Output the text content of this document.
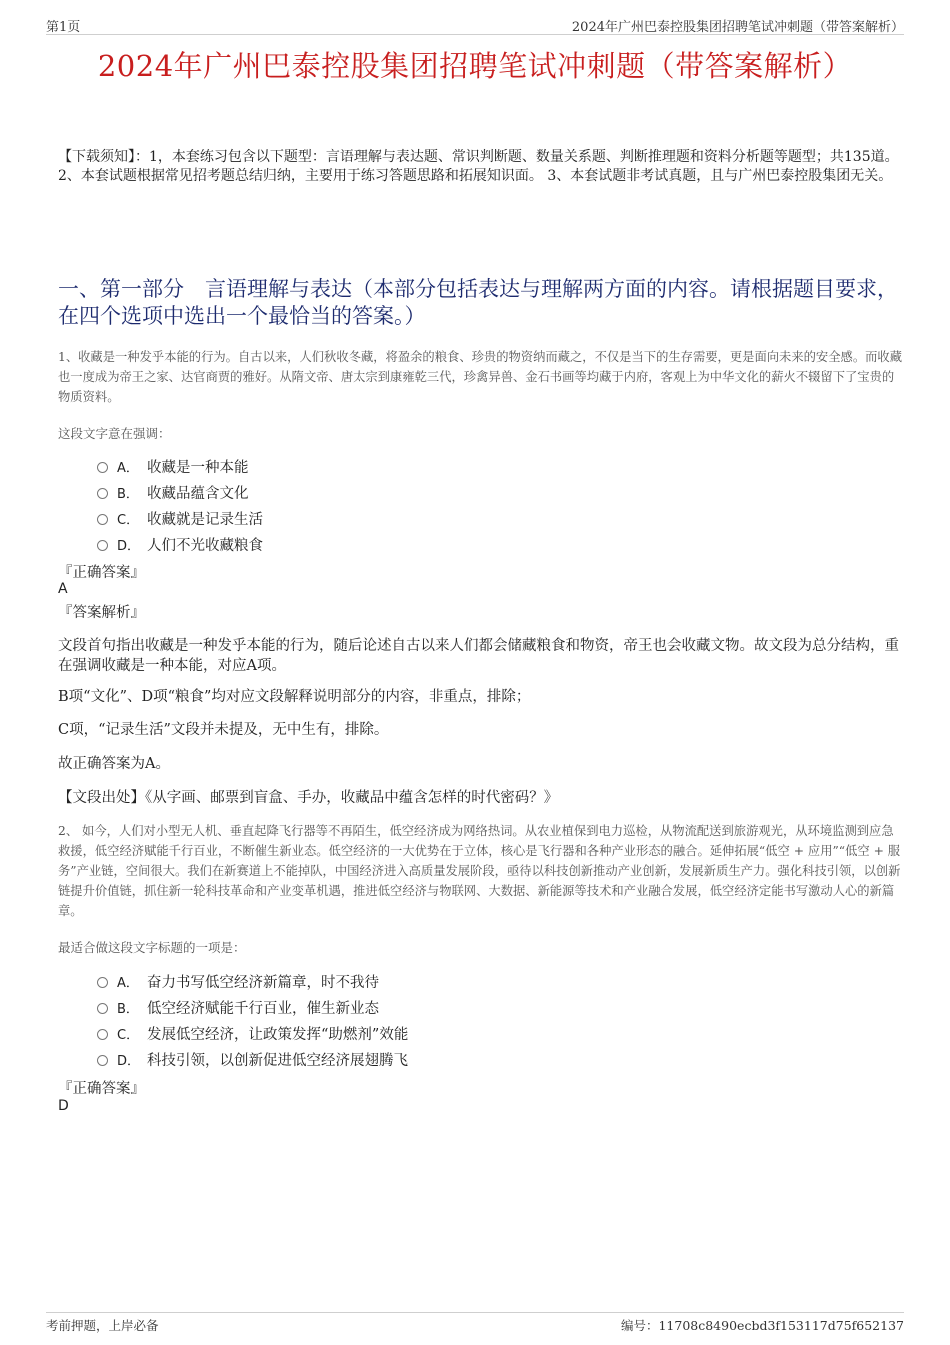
第1页	2024年广州巴泰控股集团招聘笔试冲刺题（带答案解析）
2024年广州巴泰控股集团招聘笔试冲刺题（带答案解析）
【下载须知】：1，本套练习包含以下题型：言语理解与表达题、常识判断题、数量关系题、判断推理题和资料分析题等题型；共135道。 2、本套试题根据常见招考题总结归纳，主要用于练习答题思路和拓展知识面。 3、本套试题非考试真题，且与广州巴泰控股集团无关。
一、第一部分　言语理解与表达（本部分包括表达与理解两方面的内容。请根据题目要求，在四个选项中选出一个最恰当的答案。）
1、收藏是一种发乎本能的行为。自古以来，人们秋收冬藏，将盈余的粮食、珍贵的物资纳而藏之，不仅是当下的生存需要，更是面向未来的安全感。而收藏也一度成为帝王之家、达官商贾的雅好。从隋文帝、唐太宗到康雍乾三代，珍禽异兽、金石书画等均藏于内府，客观上为中华文化的薪火不辍留下了宝贵的物质资料。
这段文字意在强调：
A． 收藏是一种本能
B． 收藏品蕴含文化
C． 收藏就是记录生活
D． 人们不光收藏粮食
『正确答案』
A
『答案解析』
文段首句指出收藏是一种发乎本能的行为，随后论述自古以来人们都会储藏粮食和物资，帝王也会收藏文物。故文段为总分结构，重在强调收藏是一种本能，对应A项。
B项“文化”、D项“粮食”均对应文段解释说明部分的内容，非重点，排除；
C项，“记录生活”文段并未提及，无中生有，排除。
故正确答案为A。
【文段出处】《从字画、邮票到盲盒、手办，收藏品中蕴含怎样的时代密码？》
2、 如今，人们对小型无人机、垂直起降飞行器等不再陌生，低空经济成为网络热词。从农业植保到电力巡检，从物流配送到旅游观光，从环境监测到应急救援，低空经济赋能千行百业，不断催生新业态。低空经济的一大优势在于立体，核心是飞行器和各种产业形态的融合。延伸拓展“低空 + 应用”“低空 + 服务”产业链，空间很大。我们在新赛道上不能掉队，中国经济进入高质量发展阶段，亟待以科技创新推动产业创新，发展新质生产力。强化科技引领，以创新链提升价值链，抓住新一轮科技革命和产业变革机遇，推进低空经济与物联网、大数据、新能源等技术和产业融合发展，低空经济定能书写激动人心的新篇章。
最适合做这段文字标题的一项是：
A． 奋力书写低空经济新篇章，时不我待
B． 低空经济赋能千行百业，催生新业态
C． 发展低空经济，让政策发挥“助燃剂”效能
D． 科技引领，以创新促进低空经济展翅腾飞
『正确答案』
D
考前押题，上岸必备	编号：11708c8490ecbd3f153117d75f652137
